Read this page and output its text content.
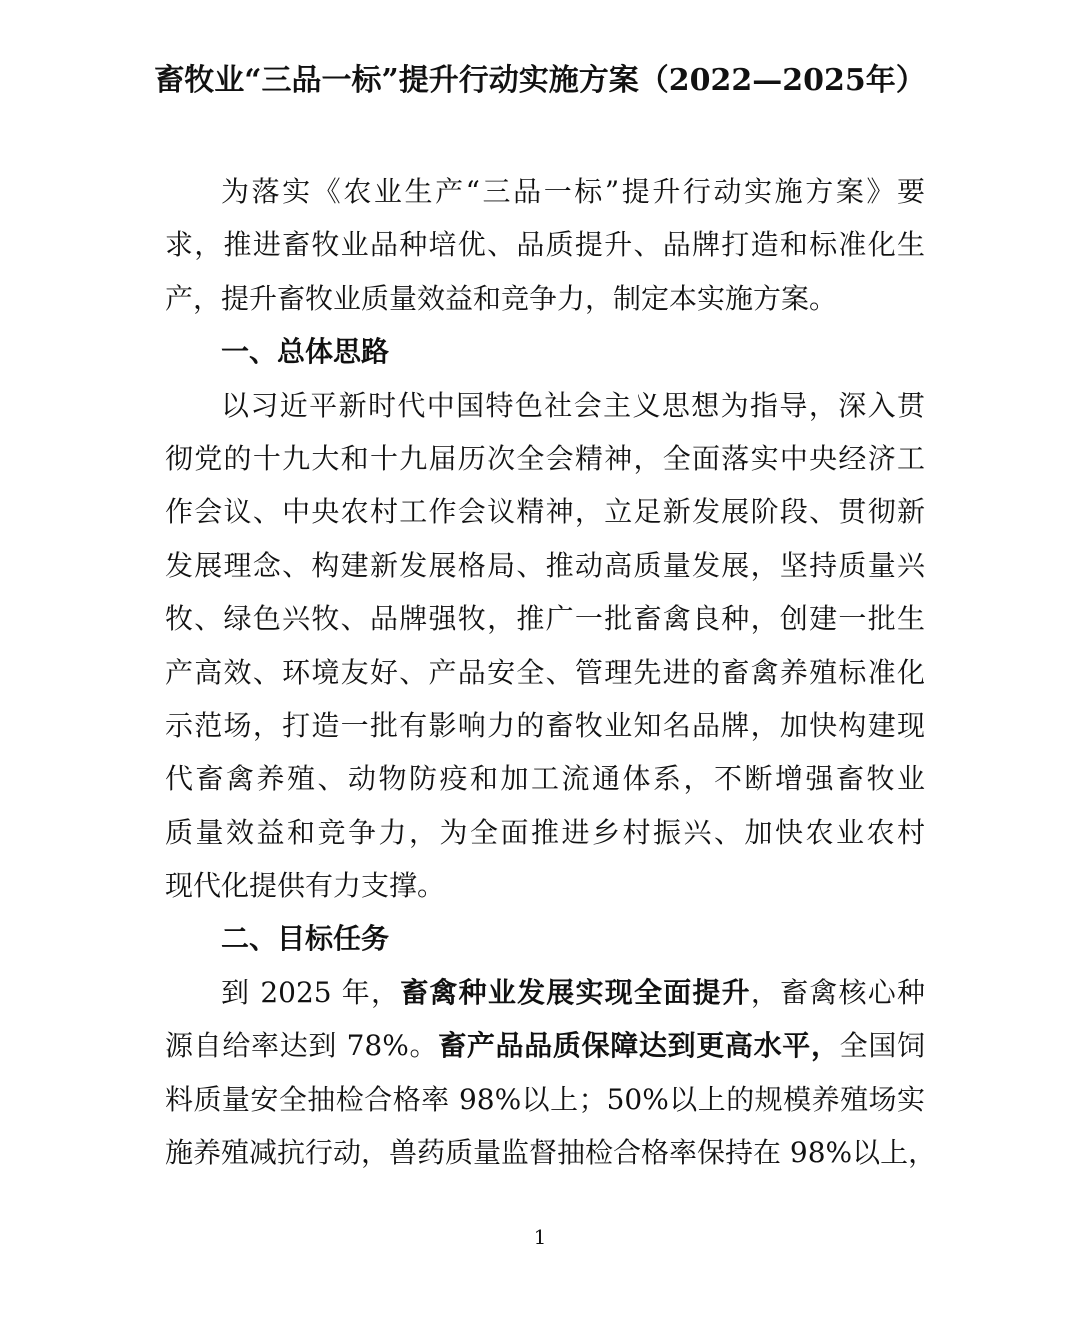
畜牧业“三品一标”提升行动实施方案（2022—2025年）
为落实《农业生产“三品一标”提升行动实施方案》要
求，推进畜牧业品种培优、品质提升、品牌打造和标准化生
产，提升畜牧业质量效益和竞争力，制定本实施方案。
一、总体思路
以习近平新时代中国特色社会主义思想为指导，深入贯
彻党的十九大和十九届历次全会精神，全面落实中央经济工
作会议、中央农村工作会议精神，立足新发展阶段、贯彻新
发展理念、构建新发展格局、推动高质量发展，坚持质量兴
牧、绿色兴牧、品牌强牧，推广一批畜禽良种，创建一批生
产高效、环境友好、产品安全、管理先进的畜禽养殖标准化
示范场，打造一批有影响力的畜牧业知名品牌，加快构建现
代畜禽养殖、动物防疫和加工流通体系，不断增强畜牧业
质量效益和竞争力，为全面推进乡村振兴、加快农业农村
现代化提供有力支撑。
二、目标任务
到 2025 年，畜禽种业发展实现全面提升，畜禽核心种
源自给率达到 78%。畜产品品质保障达到更高水平，全国饲
料质量安全抽检合格率 98%以上；50%以上的规模养殖场实
施养殖减抗行动，兽药质量监督抽检合格率保持在 98%以上，
1
